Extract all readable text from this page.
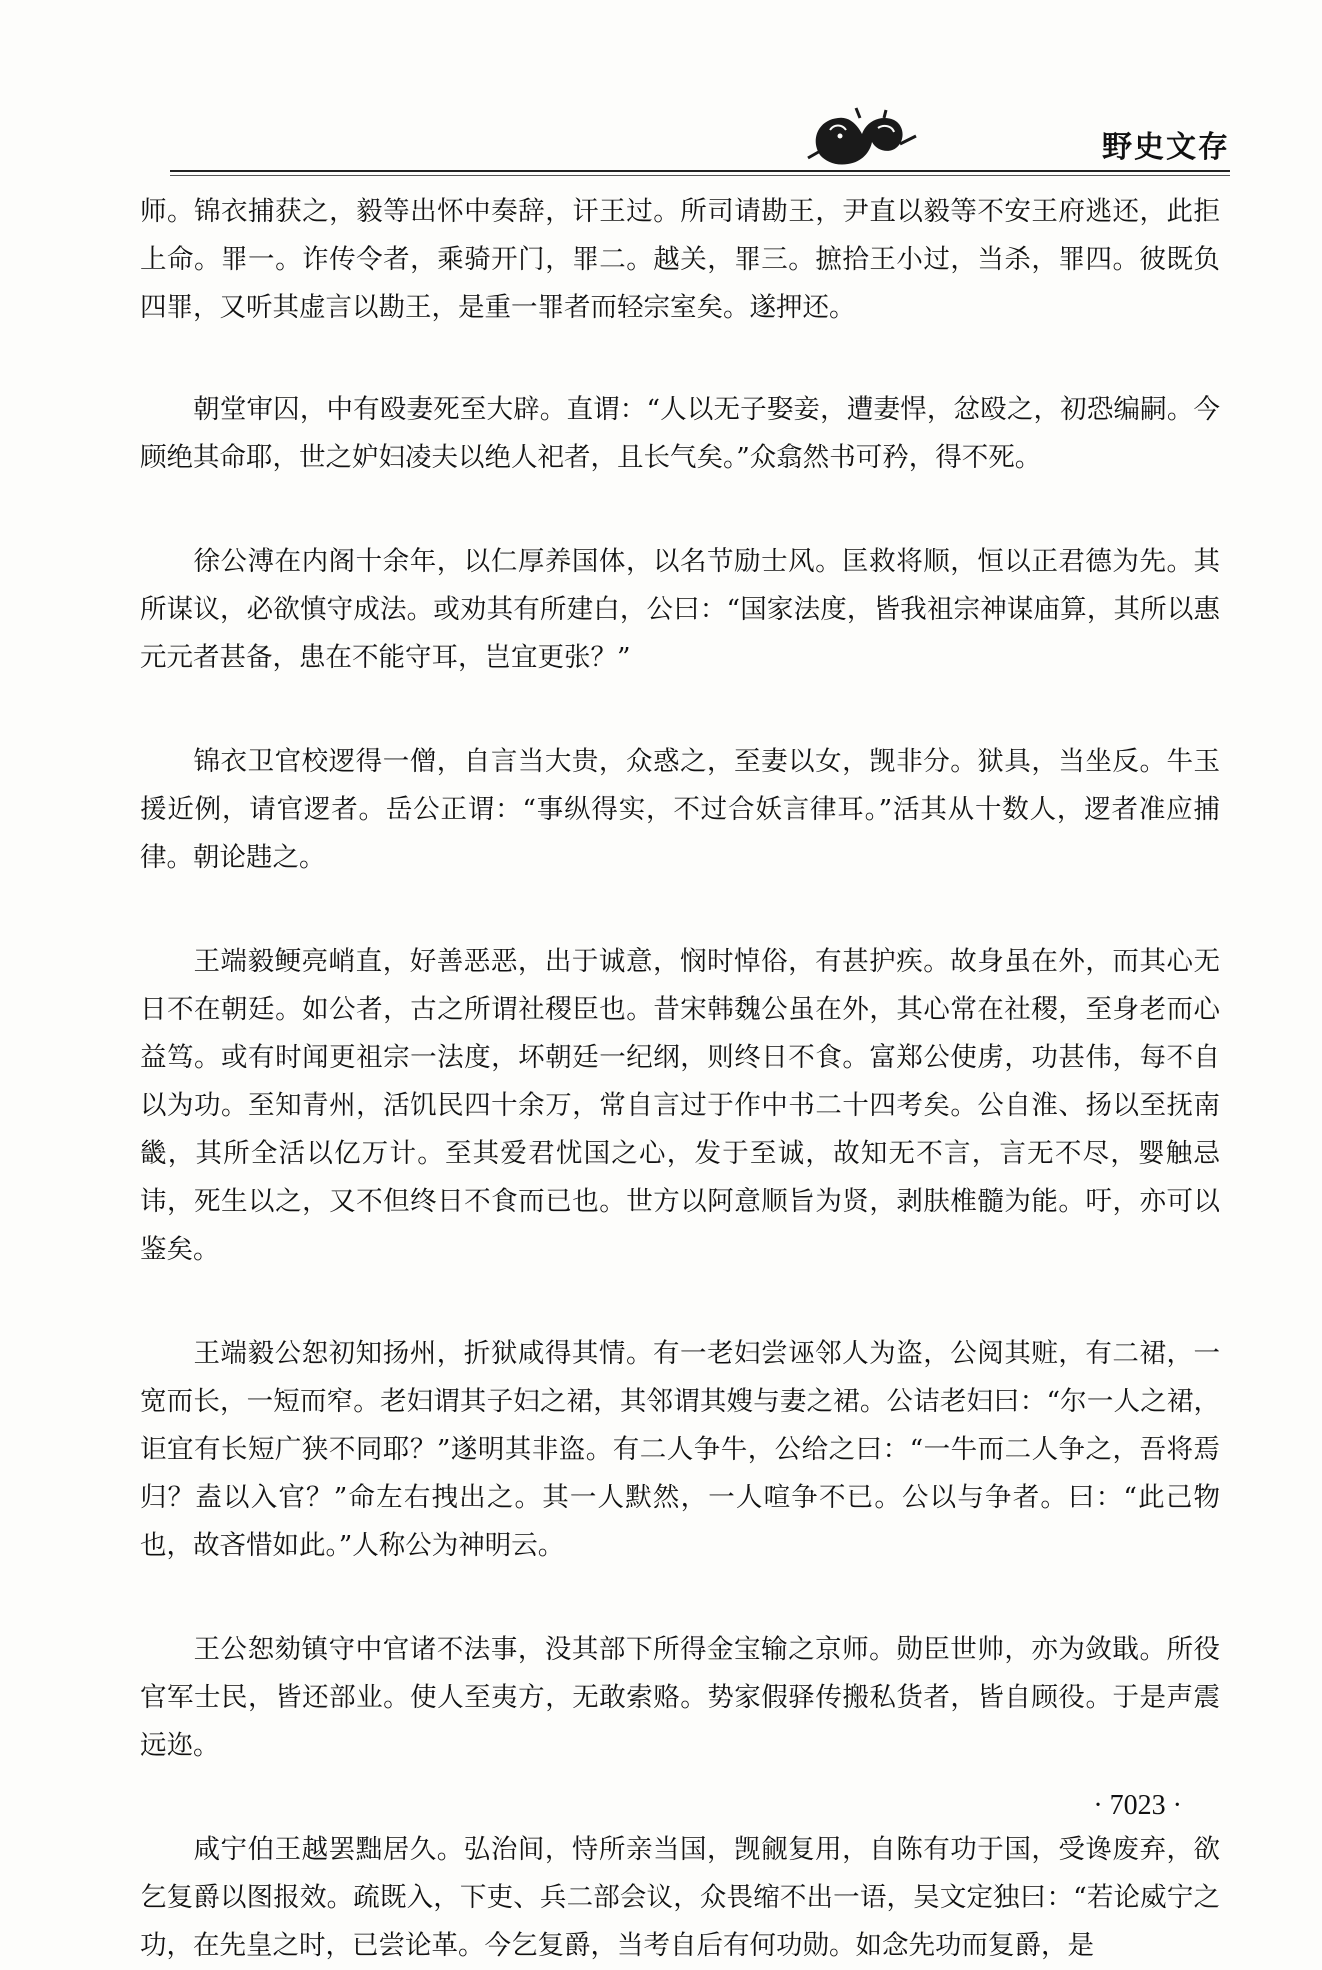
野史文存

师。锦衣捕获之，毅等出怀中奏辞，讦王过。所司请勘王，尹直以毅等不安王府逃还，此拒上命。罪一。诈传令者，乘骑开门，罪二。越关，罪三。摭拾王小过，当杀，罪四。彼既负四罪，又听其虚言以勘王，是重一罪者而轻宗室矣。遂押还。

朝堂审囚，中有殴妻死至大辟。直谓：“人以无子娶妾，遭妻悍，忿殴之，初恐编嗣。今顾绝其命耶，世之妒妇凌夫以绝人祀者，且长气矣。”众翕然书可矜，得不死。

徐公溥在内阁十余年，以仁厚养国体，以名节励士风。匡救将顺，恒以正君德为先。其所谋议，必欲慎守成法。或劝其有所建白，公曰：“国家法度，皆我祖宗神谋庙算，其所以惠元元者甚备，患在不能守耳，岂宜更张？”

锦衣卫官校逻得一僧，自言当大贵，众惑之，至妻以女，觊非分。狱具，当坐反。牛玉援近例，请官逻者。岳公正谓：“事纵得实，不过合妖言律耳。”活其从十数人，逻者准应捕律。朝论韪之。

王端毅鲠亮峭直，好善恶恶，出于诚意，悯时悼俗，有甚护疾。故身虽在外，而其心无日不在朝廷。如公者，古之所谓社稷臣也。昔宋韩魏公虽在外，其心常在社稷，至身老而心益笃。或有时闻更祖宗一法度，坏朝廷一纪纲，则终日不食。富郑公使虏，功甚伟，每不自以为功。至知青州，活饥民四十余万，常自言过于作中书二十四考矣。公自淮、扬以至抚南畿，其所全活以亿万计。至其爱君忧国之心，发于至诚，故知无不言，言无不尽，婴触忌讳，死生以之，又不但终日不食而已也。世方以阿意顺旨为贤，剥肤椎髓为能。吁，亦可以鉴矣。

王端毅公恕初知扬州，折狱咸得其情。有一老妇尝诬邻人为盗，公阅其赃，有二裙，一宽而长，一短而窄。老妇谓其子妇之裙，其邻谓其嫂与妻之裙。公诘老妇曰：“尔一人之裙，讵宜有长短广狭不同耶？”遂明其非盗。有二人争牛，公给之曰：“一牛而二人争之，吾将焉归？盍以入官？”命左右拽出之。其一人默然，一人喧争不已。公以与争者。曰：“此己物也，故吝惜如此。”人称公为神明云。

王公恕劾镇守中官诸不法事，没其部下所得金宝输之京师。勋臣世帅，亦为敛戢。所役官军士民，皆还部业。使人至夷方，无敢索赂。势家假驿传搬私货者，皆自顾役。于是声震远迩。

咸宁伯王越罢黜居久。弘治间，恃所亲当国，觊觎复用，自陈有功于国，受谗废弃，欲乞复爵以图报效。疏既入，下吏、兵二部会议，众畏缩不出一语，吴文定独曰：“若论威宁之功，在先皇之时，已尝论革。今乞复爵，当考自后有何功勋。如念先功而复爵，是

· 7023 ·
